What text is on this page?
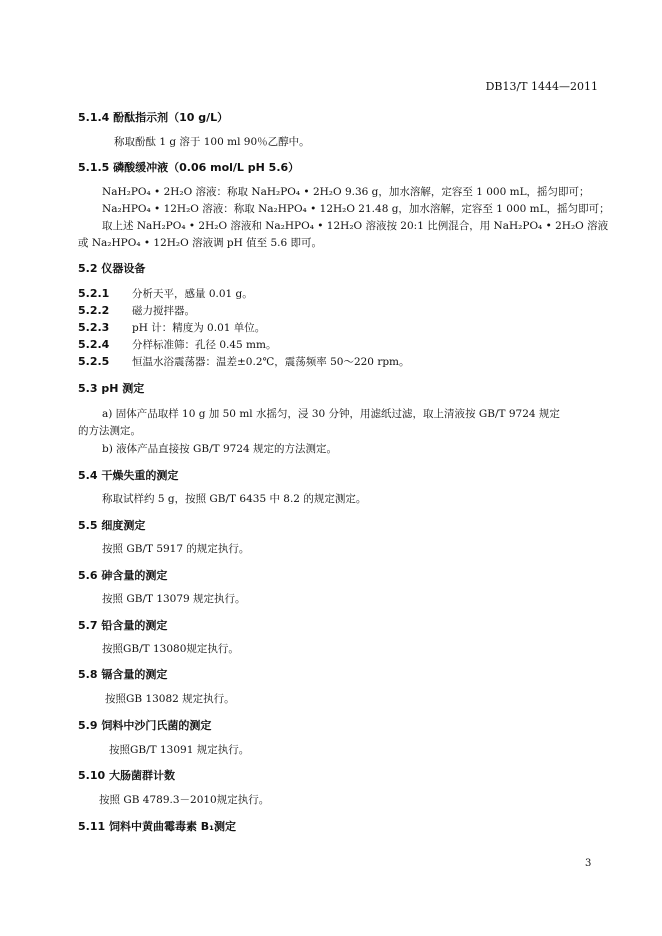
DB13/T 1444—2011
5.1.4 酚酞指示剂（10 g/L）
称取酚酞 1 g 溶于 100 ml 90％乙醇中。
5.1.5 磷酸缓冲液（0.06 mol/L pH 5.6）
NaH₂PO₄ • 2H₂O 溶液：称取 NaH₂PO₄ • 2H₂O 9.36 g，加水溶解，定容至 1 000 mL，摇匀即可；
Na₂HPO₄ • 12H₂O 溶液：称取 Na₂HPO₄ • 12H₂O 21.48 g，加水溶解，定容至 1 000 mL，摇匀即可；
取上述 NaH₂PO₄ • 2H₂O 溶液和 Na₂HPO₄ • 12H₂O 溶液按 20:1 比例混合，用 NaH₂PO₄ • 2H₂O 溶液
或 Na₂HPO₄ • 12H₂O 溶液调 pH 值至 5.6 即可。
5.2 仪器设备
5.2.1 分析天平，感量 0.01 g。
5.2.2 磁力搅拌器。
5.2.3 pH 计：精度为 0.01 单位。
5.2.4 分样标准筛：孔径 0.45 mm。
5.2.5 恒温水浴震荡器：温差±0.2℃，震荡频率 50～220 rpm。
5.3 pH 测定
a) 固体产品取样 10 g 加 50 ml 水摇匀，浸 30 分钟，用滤纸过滤，取上清液按 GB/T 9724 规定
的方法测定。
b) 液体产品直接按 GB/T 9724 规定的方法测定。
5.4 干燥失重的测定
称取试样约 5 g，按照 GB/T 6435 中 8.2 的规定测定。
5.5 细度测定
按照 GB/T 5917 的规定执行。
5.6 砷含量的测定
按照 GB/T 13079 规定执行。
5.7 铅含量的测定
按照GB/T 13080规定执行。
5.8 镉含量的测定
按照GB 13082 规定执行。
5.9 饲料中沙门氏菌的测定
按照GB/T 13091 规定执行。
5.10 大肠菌群计数
按照 GB 4789.3－2010规定执行。
5.11 饲料中黄曲霉毒素 B₁测定
3
